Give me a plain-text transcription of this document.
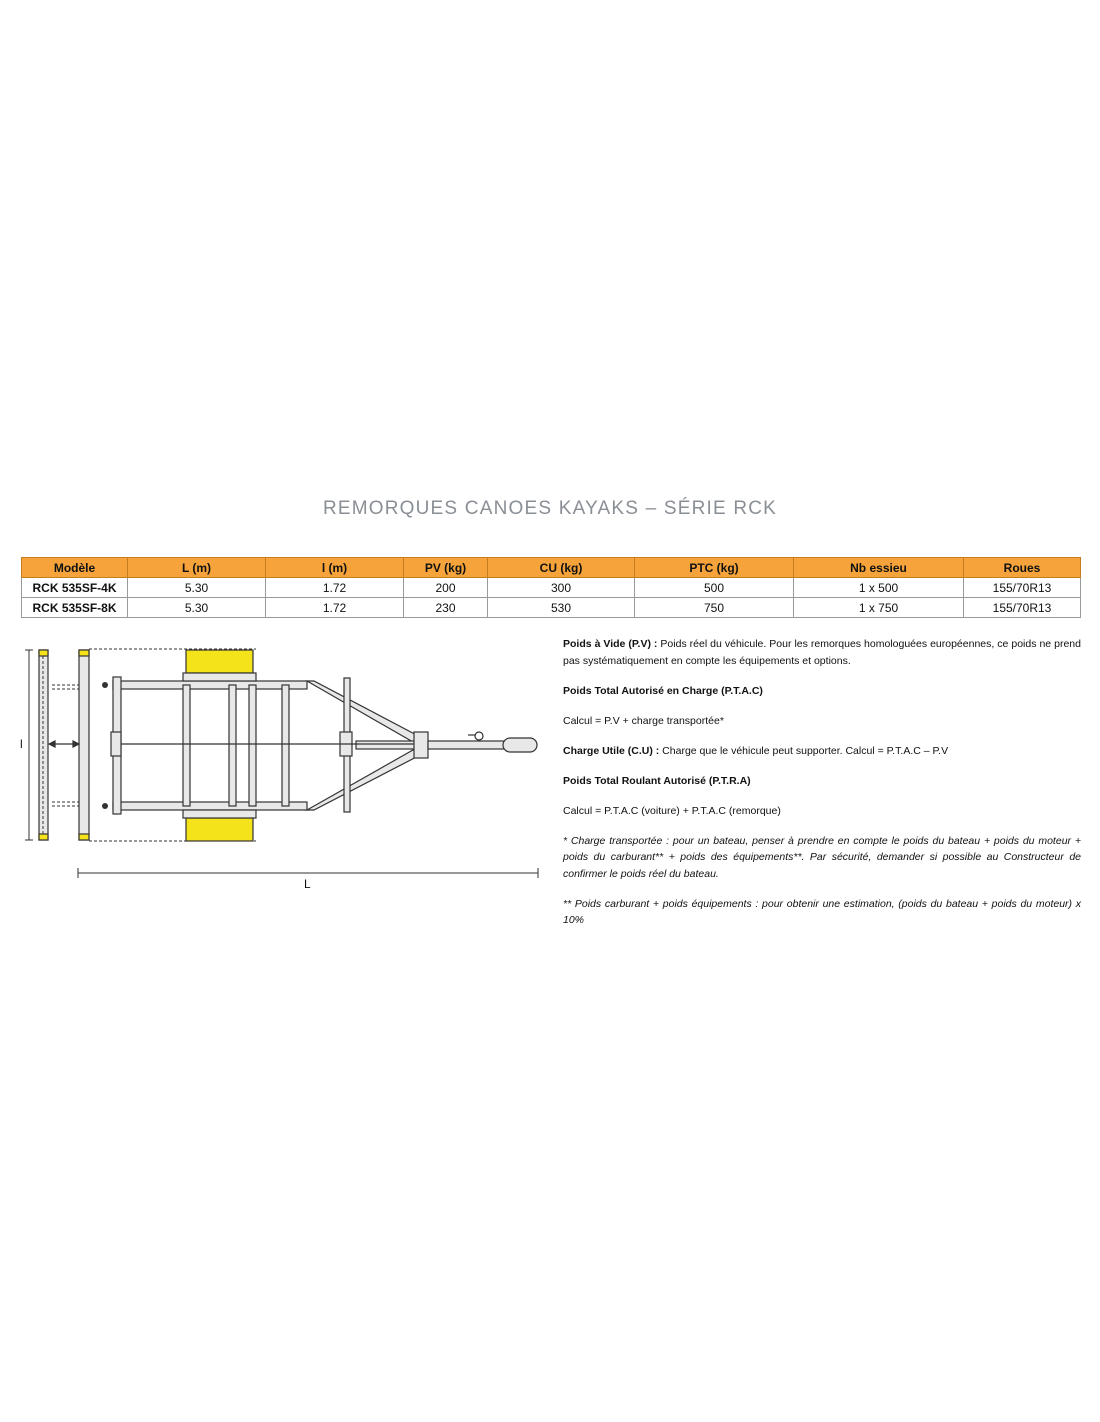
REMORQUES CANOES KAYAKS – SÉRIE RCK
Modèle	L (m)	l (m)	PV (kg)	CU (kg)	PTC (kg)	Nb essieu	Roues
RCK 535SF-4K	5.30	1.72	200	300	500	1 x 500	155/70R13
RCK 535SF-8K	5.30	1.72	230	530	750	1 x 750	155/70R13
l
L

Poids à Vide (P.V) : Poids réel du véhicule. Pour les remorques homologuées européennes, ce poids ne prend pas systématiquement en compte les équipements et options.

Poids Total Autorisé en Charge (P.T.A.C)

Calcul = P.V + charge transportée*

Charge Utile (C.U) : Charge que le véhicule peut supporter. Calcul = P.T.A.C – P.V

Poids Total Roulant Autorisé (P.T.R.A)

Calcul = P.T.A.C (voiture) + P.T.A.C (remorque)

* Charge transportée : pour un bateau, penser à prendre en compte le poids du bateau + poids du moteur + poids du carburant** + poids des équipements**. Par sécurité, demander si possible au Constructeur de confirmer le poids réel du bateau.

** Poids carburant + poids équipements : pour obtenir une estimation, (poids du bateau + poids du moteur) x 10%
